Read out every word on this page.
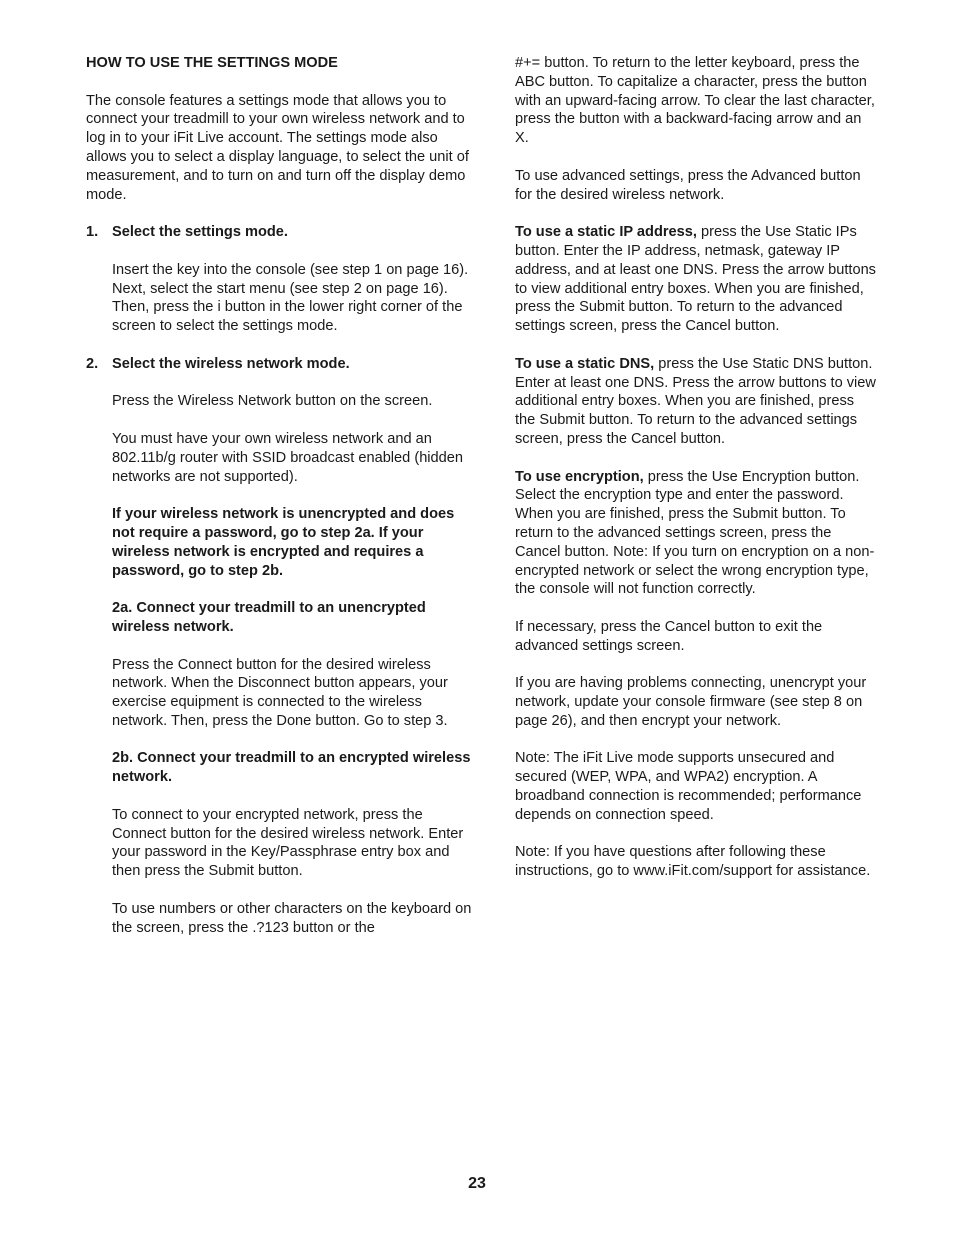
HOW TO USE THE SETTINGS MODE

The console features a settings mode that allows you to connect your treadmill to your own wireless network and to log in to your iFit Live account. The settings mode also allows you to select a display language, to select the unit of measurement, and to turn on and turn off the display demo mode.

1. Select the settings mode.

Insert the key into the console (see step 1 on page 16). Next, select the start menu (see step 2 on page 16). Then, press the i button in the lower right corner of the screen to select the settings mode.

2. Select the wireless network mode.

Press the Wireless Network button on the screen.

You must have your own wireless network and an 802.11b/g router with SSID broadcast enabled (hidden networks are not supported).

If your wireless network is unencrypted and does not require a password, go to step 2a. If your wireless network is encrypted and requires a password, go to step 2b.

2a. Connect your treadmill to an unencrypted wireless network.

Press the Connect button for the desired wireless network. When the Disconnect button appears, your exercise equipment is connected to the wireless network. Then, press the Done button. Go to step 3.

2b. Connect your treadmill to an encrypted wireless network.

To connect to your encrypted network, press the Connect button for the desired wireless network. Enter your password in the Key/Passphrase entry box and then press the Submit button.

To use numbers or other characters on the keyboard on the screen, press the .?123 button or the

#+= button. To return to the letter keyboard, press the ABC button. To capitalize a character, press the button with an upward-facing arrow. To clear the last character, press the button with a backward-facing arrow and an X.

To use advanced settings, press the Advanced button for the desired wireless network.

To use a static IP address, press the Use Static IPs button. Enter the IP address, netmask, gateway IP address, and at least one DNS. Press the arrow buttons to view additional entry boxes. When you are finished, press the Submit button. To return to the advanced settings screen, press the Cancel button.

To use a static DNS, press the Use Static DNS button. Enter at least one DNS. Press the arrow buttons to view additional entry boxes. When you are finished, press the Submit button. To return to the advanced settings screen, press the Cancel button.

To use encryption, press the Use Encryption button. Select the encryption type and enter the password. When you are finished, press the Submit button. To return to the advanced settings screen, press the Cancel button. Note: If you turn on encryption on a non-encrypted network or select the wrong encryption type, the console will not function correctly.

If necessary, press the Cancel button to exit the advanced settings screen.

If you are having problems connecting, unencrypt your network, update your console firmware (see step 8 on page 26), and then encrypt your network.

Note: The iFit Live mode supports unsecured and secured (WEP, WPA, and WPA2) encryption. A broadband connection is recommended; performance depends on connection speed.

Note: If you have questions after following these instructions, go to www.iFit.com/support for assistance.

23
